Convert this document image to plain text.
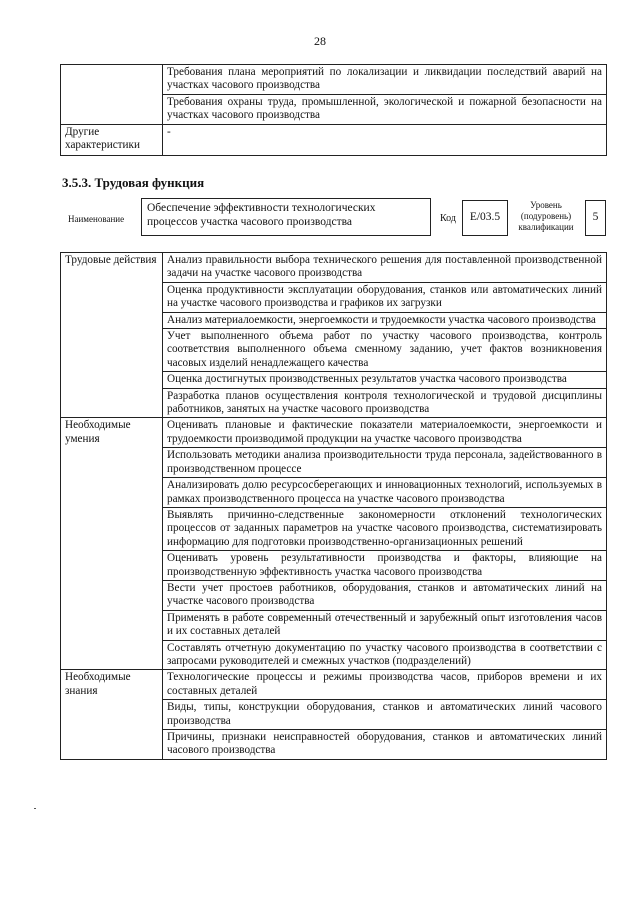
28
	Требования плана мероприятий по локализации и ликвидации последствий аварий на участках часового производства
	Требования охраны труда, промышленной, экологической и пожарной безопасности на участках часового производства
Другие характеристики	-
3.5.3. Трудовая функция
Наименование
Обеспечение эффективности технологических процессов участка часового производства	Код	E/03.5
Уровень (подуровень) квалификации
5
Трудовые действия	Анализ правильности выбора технического решения для поставленной производственной задачи на участке часового производства
	Оценка продуктивности эксплуатации оборудования, станков или автоматических линий на участке часового производства и графиков их загрузки
	Анализ материалоемкости, энергоемкости и трудоемкости участка часового производства
	Учет выполненного объема работ по участку часового производства, контроль соответствия выполненного объема сменному заданию, учет фактов возникновения часовых изделий ненадлежащего качества
	Оценка достигнутых производственных результатов участка часового производства
	Разработка планов осуществления контроля технологической и трудовой дисциплины работников, занятых на участке часового производства
Необходимые умения	Оценивать плановые и фактические показатели материалоемкости, энергоемкости и трудоемкости производимой продукции на участке часового производства
	Использовать методики анализа производительности труда персонала, задействованного в производственном процессе
	Анализировать долю ресурсосберегающих и инновационных технологий, используемых в рамках производственного процесса на участке часового производства
	Выявлять причинно-следственные закономерности отклонений технологических процессов от заданных параметров на участке часового производства, систематизировать информацию для подготовки производственно-организационных решений
	Оценивать уровень результативности производства и факторы, влияющие на производственную эффективность участка часового производства
	Вести учет простоев работников, оборудования, станков и автоматических линий на участке часового производства
	Применять в работе современный отечественный и зарубежный опыт изготовления часов и их составных деталей
	Составлять отчетную документацию по участку часового производства в соответствии с запросами руководителей и смежных участков (подразделений)
Необходимые знания	Технологические процессы и режимы производства часов, приборов времени и их составных деталей
	Виды, типы, конструкции оборудования, станков и автоматических линий часового производства
	Причины, признаки неисправностей оборудования, станков и автоматических линий часового производства
